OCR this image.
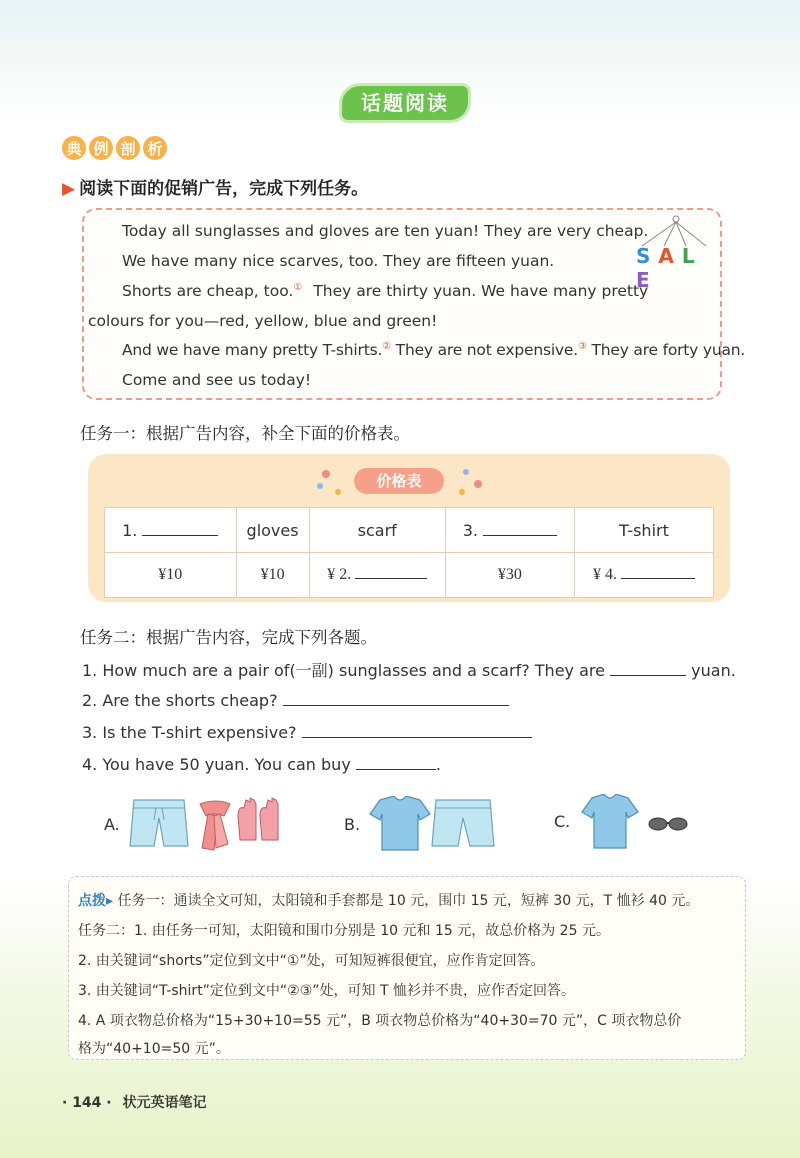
话题阅读
典 例 剖 析
▶ 阅读下面的促销广告，完成下列任务。
S A LE
Today all sunglasses and gloves are ten yuan! They are very cheap.
We have many nice scarves, too. They are fifteen yuan.
Shorts are cheap, too.① They are thirty yuan. We have many pretty
colours for you—red, yellow, blue and green!
And we have many pretty T-shirts.② They are not expensive.③ They are forty yuan.
Come and see us today!
任务一：根据广告内容，补全下面的价格表。
价格表
1.	gloves	scarf	3.	T-shirt
¥10	¥10	¥ 2.	¥30	¥ 4.
任务二：根据广告内容，完成下列各题。
1. How much are a pair of(一副) sunglasses and a scarf? They are	yuan.
2. Are the shorts cheap?
3. Is the T-shirt expensive?
4. You have 50 yuan. You can buy	.
A.	B.	C.
点拨▸ 任务一：通读全文可知，太阳镜和手套都是 10 元，围巾 15 元，短裤 30 元，T 恤衫 40 元。
任务二：1. 由任务一可知，太阳镜和围巾分别是 10 元和 15 元，故总价格为 25 元。
2. 由关键词“shorts”定位到文中“①”处，可知短裤很便宜，应作肯定回答。
3. 由关键词“T-shirt”定位到文中“②③”处，可知 T 恤衫并不贵，应作否定回答。
4. A 项衣物总价格为“15+30+10=55 元”，B 项衣物总价格为“40+30=70 元”，C 项衣物总价
格为“40+10=50 元”。
· 144 · 状元英语笔记
